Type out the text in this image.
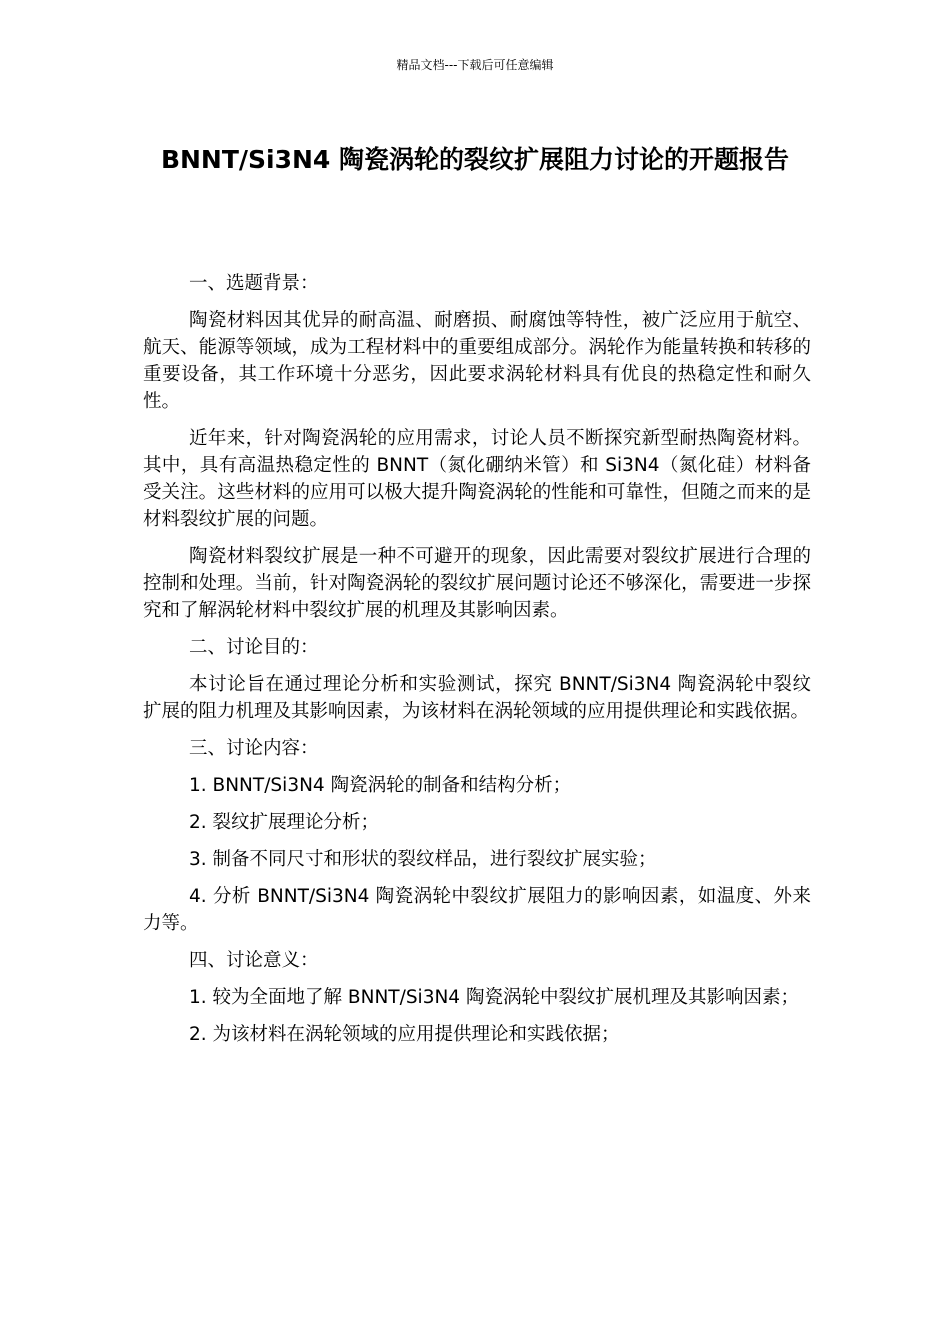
精品文档---下载后可任意编辑
BNNT/Si3N4 陶瓷涡轮的裂纹扩展阻力讨论的开题报告

一、选题背景：

陶瓷材料因其优异的耐高温、耐磨损、耐腐蚀等特性，被广泛应用于航空、航天、能源等领域，成为工程材料中的重要组成部分。涡轮作为能量转换和转移的重要设备，其工作环境十分恶劣，因此要求涡轮材料具有优良的热稳定性和耐久性。

近年来，针对陶瓷涡轮的应用需求，讨论人员不断探究新型耐热陶瓷材料。其中，具有高温热稳定性的 BNNT（氮化硼纳米管）和 Si3N4（氮化硅）材料备受关注。这些材料的应用可以极大提升陶瓷涡轮的性能和可靠性，但随之而来的是材料裂纹扩展的问题。

陶瓷材料裂纹扩展是一种不可避开的现象，因此需要对裂纹扩展进行合理的控制和处理。当前，针对陶瓷涡轮的裂纹扩展问题讨论还不够深化，需要进一步探究和了解涡轮材料中裂纹扩展的机理及其影响因素。

二、讨论目的：

本讨论旨在通过理论分析和实验测试，探究 BNNT/Si3N4 陶瓷涡轮中裂纹扩展的阻力机理及其影响因素，为该材料在涡轮领域的应用提供理论和实践依据。

三、讨论内容：

1. BNNT/Si3N4 陶瓷涡轮的制备和结构分析；

2. 裂纹扩展理论分析；

3. 制备不同尺寸和形状的裂纹样品，进行裂纹扩展实验；

4. 分析 BNNT/Si3N4 陶瓷涡轮中裂纹扩展阻力的影响因素，如温度、外来力等。

四、讨论意义：

1. 较为全面地了解 BNNT/Si3N4 陶瓷涡轮中裂纹扩展机理及其影响因素；

2. 为该材料在涡轮领域的应用提供理论和实践依据；
